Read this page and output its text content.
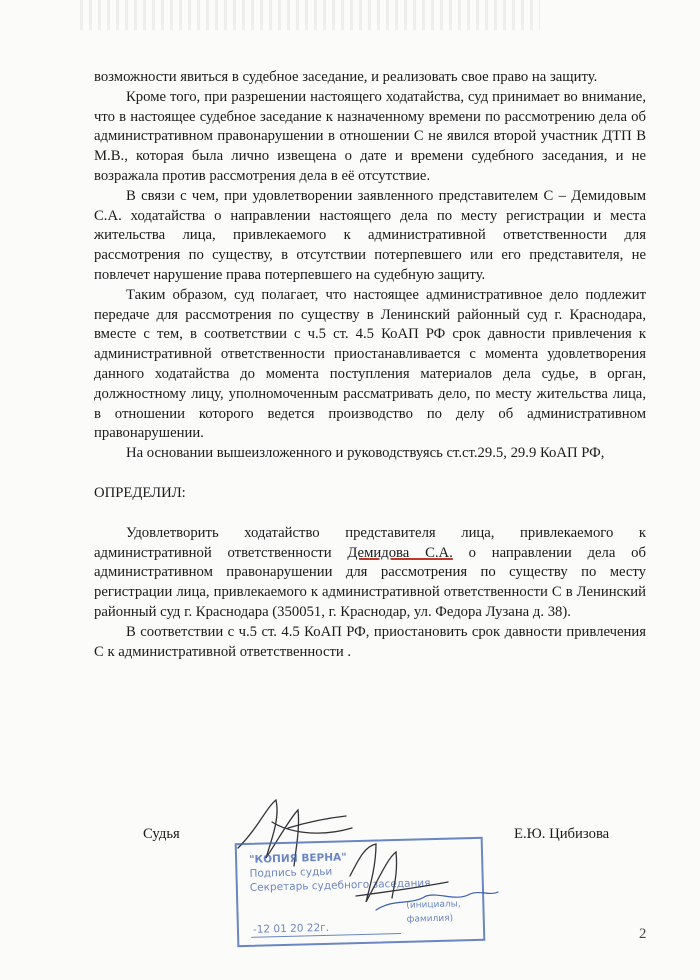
возможности явиться в судебное заседание, и реализовать свое право на защиту.

Кроме того, при разрешении настоящего ходатайства, суд принимает во внимание, что в настоящее судебное заседание к назначенному времени по рассмотрению дела об административном правонарушении в отношении С не явился второй участник ДТП В М.В., которая была лично извещена о дате и времени судебного заседания, и не возражала против рассмотрения дела в её отсутствие.

В связи с чем, при удовлетворении заявленного представителем С – Демидовым С.А. ходатайства о направлении настоящего дела по месту регистрации и места жительства лица, привлекаемого к административной ответственности для рассмотрения по существу, в отсутствии потерпевшего или его представителя, не повлечет нарушение права потерпевшего на судебную защиту.

Таким образом, суд полагает, что настоящее административное дело подлежит передаче для рассмотрения по существу в Ленинский районный суд г. Краснодара, вместе с тем, в соответствии с ч.5 ст. 4.5 КоАП РФ срок давности привлечения к административной ответственности приостанавливается с момента удовлетворения данного ходатайства до момента поступления материалов дела судье, в орган, должностному лицу, уполномоченным рассматривать дело, по месту жительства лица, в отношении которого ведется производство по делу об административном правонарушении.

На основании вышеизложенного и руководствуясь ст.ст.29.5, 29.9 КоАП РФ,

ОПРЕДЕЛИЛ:

Удовлетворить ходатайство представителя лица, привлекаемого к административной ответственности Демидова С.А. о направлении дела об административном правонарушении для рассмотрения по существу по месту регистрации лица, привлекаемого к административной ответственности С в Ленинский районный суд г. Краснодара (350051, г. Краснодар, ул. Федора Лузана д. 38).

В соответствии с ч.5 ст. 4.5 КоАП РФ, приостановить срок давности привлечения С к административной ответственности .

Судья	Е.Ю. Цибизова
"КОПИЯ ВЕРНА"
Подпись судьи
Секретарь судебного заседания
(инициалы, фамилия)
-12 01 20 22г.	2
